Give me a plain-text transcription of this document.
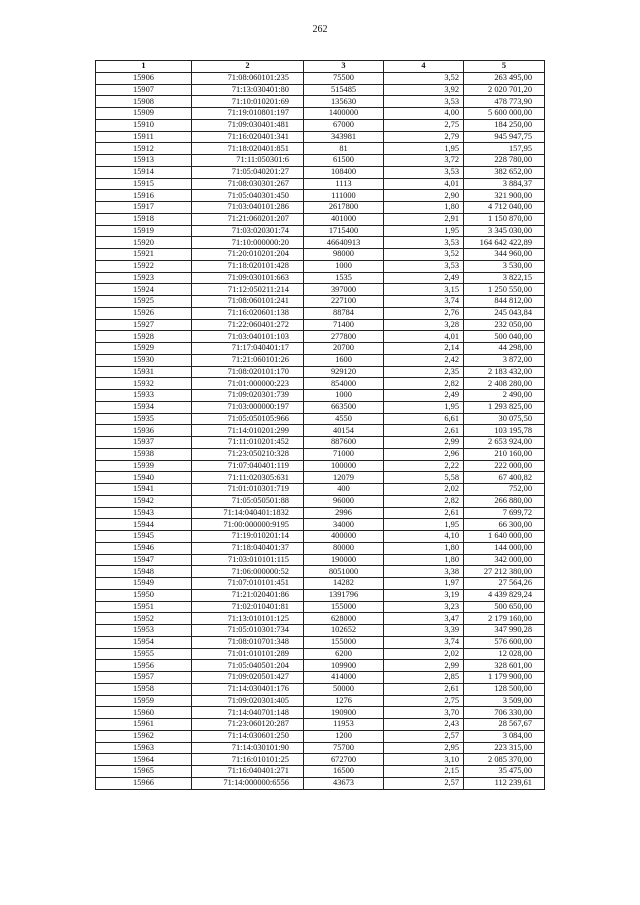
262
1	2	3	4	5
15906	71:08:060101:235	75500	3,52	263 495,00
15907	71:13:030401:80	515485	3,92	2 020 701,20
15908	71:10:010201:69	135630	3,53	478 773,90
15909	71:19:010801:197	1400000	4,00	5 600 000,00
15910	71:09:030401:481	67000	2,75	184 250,00
15911	71:16:020401:341	343981	2,79	945 947,75
15912	71:18:020401:851	81	1,95	157,95
15913	71:11:050301:6	61500	3,72	228 780,00
15914	71:05:040201:27	108400	3,53	382 652,00
15915	71:08:030301:267	1113	4,01	3 884,37
15916	71:05:040301:450	111000	2,90	321 900,00
15917	71:03:040101:286	2617800	1,80	4 712 040,00
15918	71:21:060201:207	401000	2,91	1 150 870,00
15919	71:03:020301:74	1715400	1,95	3 345 030,00
15920	71:10:000000:20	46640913	3,53	164 642 422,89
15921	71:20:010201:204	98000	3,52	344 960,00
15922	71:18:020101:428	1000	3,53	3 530,00
15923	71:09:030101:663	1535	2,49	3 822,15
15924	71:12:050211:214	397000	3,15	1 250 550,00
15925	71:08:060101:241	227100	3,74	844 812,00
15926	71:16:020601:138	88784	2,76	245 043,84
15927	71:22:060401:272	71400	3,28	232 050,00
15928	71:03:040101:103	277800	4,01	500 040,00
15929	71:17:040401:17	20700	2,14	44 298,00
15930	71:21:060101:26	1600	2,42	3 872,00
15931	71:08:020101:170	929120	2,35	2 183 432,00
15932	71:01:000000:223	854000	2,82	2 408 280,00
15933	71:09:020301:739	1000	2,49	2 490,00
15934	71:03:000000:197	663500	1,95	1 293 825,00
15935	71:05:050105:966	4550	6,61	30 075,50
15936	71:14:010201:299	40154	2,61	103 195,78
15937	71:11:010201:452	887600	2,99	2 653 924,00
15938	71:23:050210:328	71000	2,96	210 160,00
15939	71:07:040401:119	100000	2,22	222 000,00
15940	71:11:020305:631	12079	5,58	67 400,82
15941	71:01:010301:719	400	2,02	752,00
15942	71:05:050501:88	96000	2,82	266 880,00
15943	71:14:040401:1832	2996	2,61	7 699,72
15944	71:00:000000:9195	34000	1,95	66 300,00
15945	71:19:010201:14	400000	4,10	1 640 000,00
15946	71:18:040401:37	80000	1,80	144 000,00
15947	71:03:010101:115	190000	1,80	342 000,00
15948	71:06:000000:52	8051000	3,38	27 212 380,00
15949	71:07:010101:451	14282	1,97	27 564,26
15950	71:21:020401:86	1391796	3,19	4 439 829,24
15951	71:02:010401:81	155000	3,23	500 650,00
15952	71:13:010101:125	628000	3,47	2 179 160,00
15953	71:05:010301:734	102652	3,39	347 990,28
15954	71:08:010701:348	155000	3,74	576 600,00
15955	71:01:010101:289	6200	2,02	12 028,00
15956	71:05:040501:204	109900	2,99	328 601,00
15957	71:09:020501:427	414000	2,85	1 179 900,00
15958	71:14:030401:176	50000	2,61	128 500,00
15959	71:09:020301:405	1276	2,75	3 509,00
15960	71:14:040701:148	190900	3,70	706 330,00
15961	71:23:060120:287	11953	2,43	28 567,67
15962	71:14:030601:250	1200	2,57	3 084,00
15963	71:14:030101:90	75700	2,95	223 315,00
15964	71:16:010101:25	672700	3,10	2 085 370,00
15965	71:16:040401:271	16500	2,15	35 475,00
15966	71:14:000000:6556	43673	2,57	112 239,61
